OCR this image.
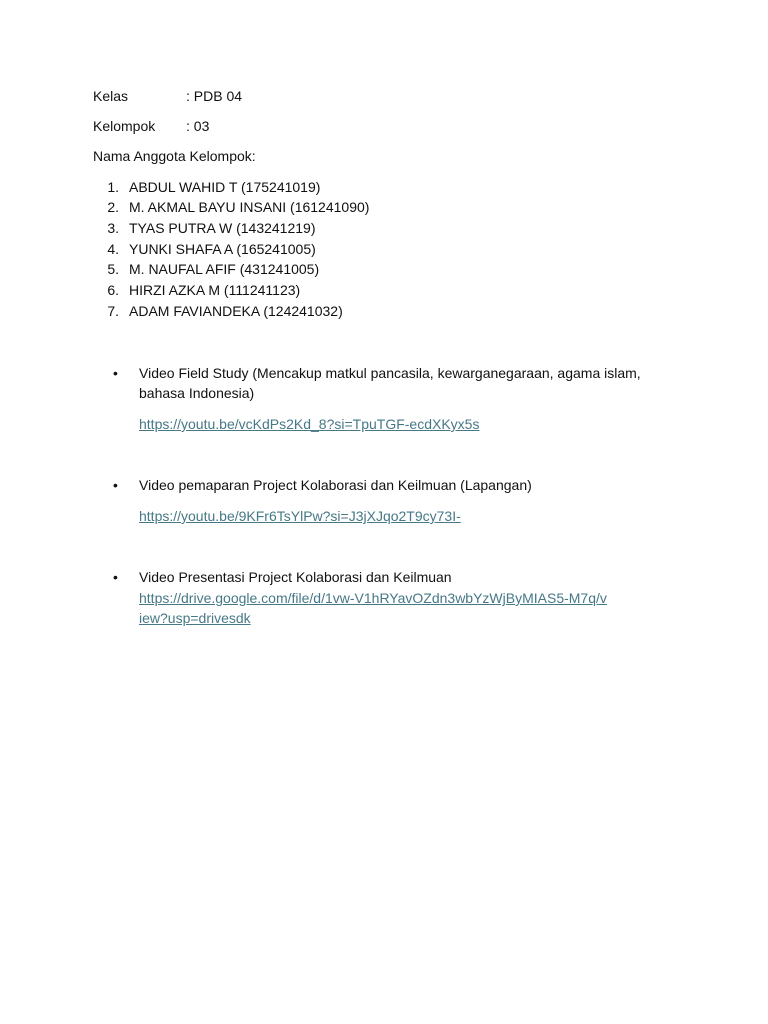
Kelas	: PDB 04
Kelompok : 03
Nama Anggota Kelompok:
1. ABDUL WAHID T (175241019)
2. M. AKMAL BAYU INSANI (161241090)
3. TYAS PUTRA W (143241219)
4. YUNKI SHAFA A (165241005)
5. M. NAUFAL AFIF (431241005)
6. HIRZI AZKA M (111241123)
7. ADAM FAVIANDEKA (124241032)
• Video Field Study (Mencakup matkul pancasila, kewarganegaraan, agama islam, bahasa Indonesia)
https://youtu.be/vcKdPs2Kd_8?si=TpuTGF-ecdXKyx5s
• Video pemaparan Project Kolaborasi dan Keilmuan (Lapangan)
https://youtu.be/9KFr6TsYlPw?si=J3jXJqo2T9cy73I-
• Video Presentasi Project Kolaborasi dan Keilmuan
https://drive.google.com/file/d/1vw-V1hRYavOZdn3wbYzWjByMIAS5-M7q/view?usp=drivesdk
